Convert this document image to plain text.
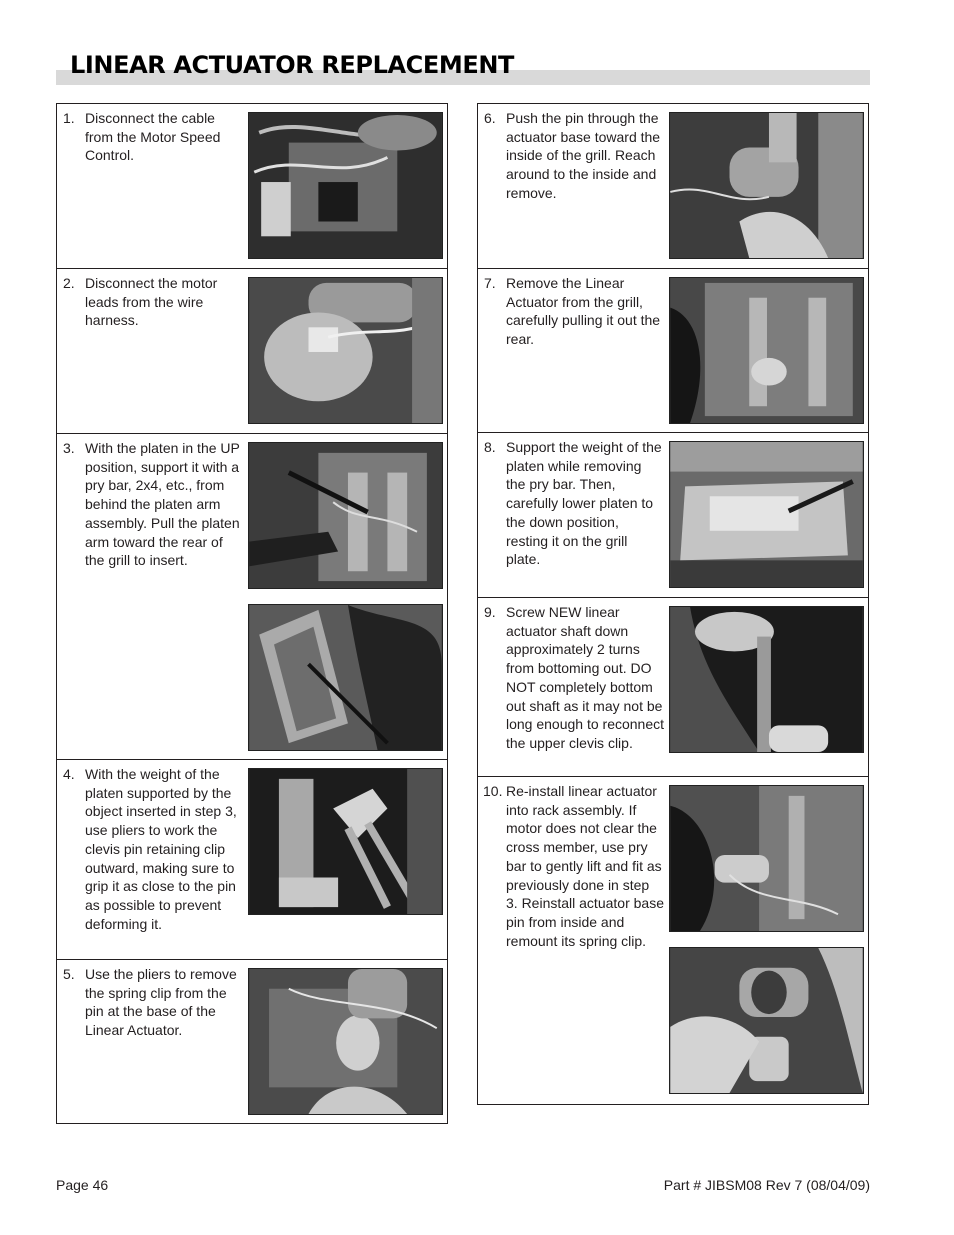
LINEAR ACTUATOR REPLACEMENT
1. Disconnect the cable from the Motor Speed Control.

2. Disconnect the motor leads from the wire harness.

3. With the platen in the UP position, support it with a pry bar, 2x4, etc., from behind the platen arm assembly. Pull the platen arm toward the rear of the grill to insert.

4. With the weight of the platen supported by the object inserted in step 3, use pliers to work the clevis pin retaining clip outward, making sure to grip it as close to the pin as possible to prevent deforming it.

5. Use the pliers to remove the spring clip from the pin at the base of the Linear Actuator.

6. Push the pin through the actuator base toward the inside of the grill. Reach around to the inside and remove.

7. Remove the Linear Actuator from the grill, carefully pulling it out the rear.

8. Support the weight of the platen while removing the pry bar. Then, carefully lower platen to the down position, resting it on the grill plate.

9. Screw NEW linear actuator shaft down approximately 2 turns from bottoming out. DO NOT completely bottom out shaft as it may not be long enough to reconnect the upper clevis clip.

10. Re-install linear actuator into rack assembly. If motor does not clear the cross member, use pry bar to gently lift and fit as previously done in step 3. Reinstall actuator base pin from inside and remount its spring clip.

Page 46	Part # JIBSM08 Rev 7 (08/04/09)
